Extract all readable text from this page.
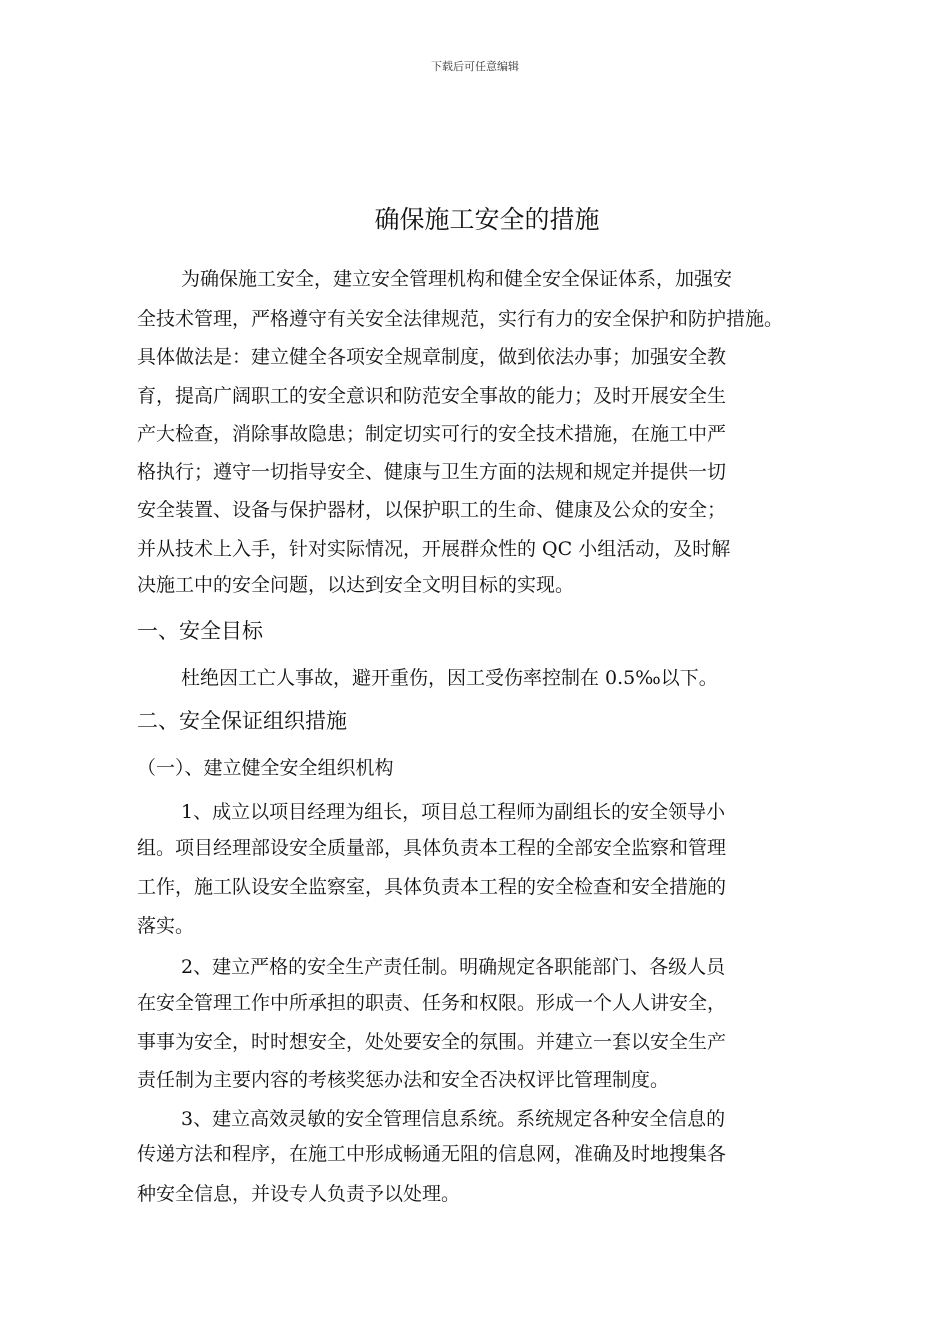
下载后可任意编辑
确保施工安全的措施
为确保施工安全，建立安全管理机构和健全安全保证体系，加强安
全技术管理，严格遵守有关安全法律规范，实行有力的安全保护和防护措施。
具体做法是：建立健全各项安全规章制度，做到依法办事；加强安全教
育，提高广阔职工的安全意识和防范安全事故的能力；及时开展安全生
产大检查，消除事故隐患；制定切实可行的安全技术措施，在施工中严
格执行；遵守一切指导安全、健康与卫生方面的法规和规定并提供一切
安全装置、设备与保护器材，以保护职工的生命、健康及公众的安全；
并从技术上入手，针对实际情况，开展群众性的 QC 小组活动，及时解
决施工中的安全问题，以达到安全文明目标的实现。
一、安全目标
杜绝因工亡人事故，避开重伤，因工受伤率控制在 0.5‰以下。
二、安全保证组织措施
（一）、建立健全安全组织机构
1、成立以项目经理为组长，项目总工程师为副组长的安全领导小
组。项目经理部设安全质量部，具体负责本工程的全部安全监察和管理
工作，施工队设安全监察室，具体负责本工程的安全检查和安全措施的
落实。
2、建立严格的安全生产责任制。明确规定各职能部门、各级人员
在安全管理工作中所承担的职责、任务和权限。形成一个人人讲安全，
事事为安全，时时想安全，处处要安全的氛围。并建立一套以安全生产
责任制为主要内容的考核奖惩办法和安全否决权评比管理制度。
3、建立高效灵敏的安全管理信息系统。系统规定各种安全信息的
传递方法和程序，在施工中形成畅通无阻的信息网，准确及时地搜集各
种安全信息，并设专人负责予以处理。
